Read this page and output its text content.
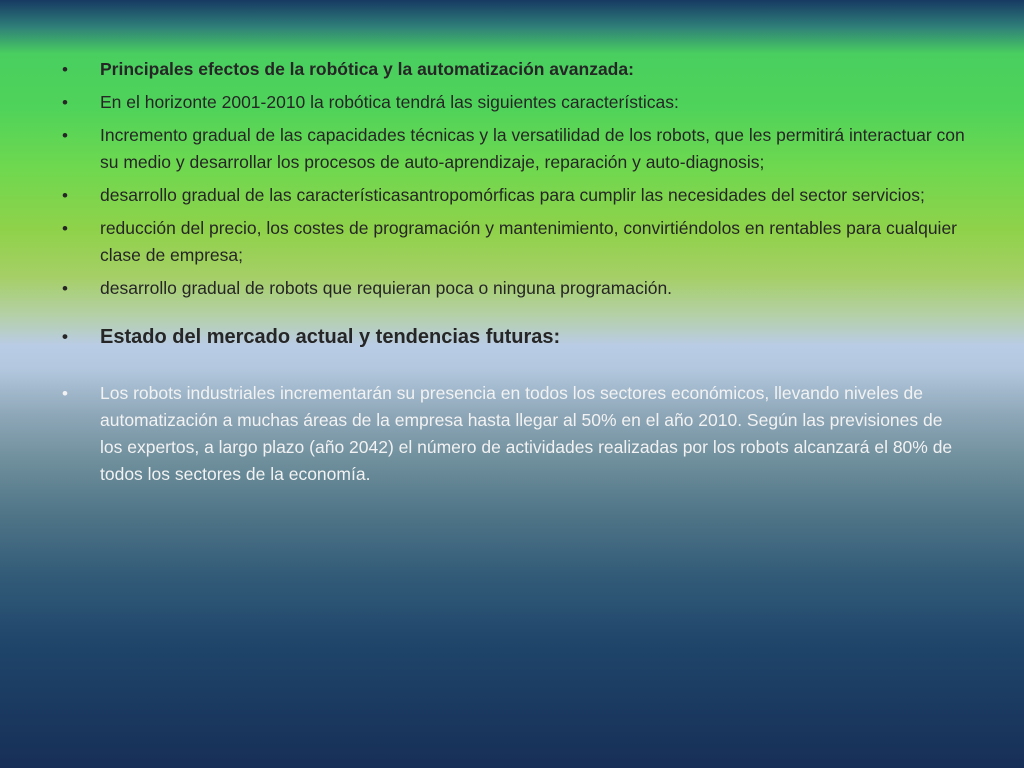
•	Principales efectos de la robótica y la automatización avanzada:
•	En el horizonte 2001-2010 la robótica tendrá las siguientes características:
•	Incremento gradual de las capacidades técnicas y la versatilidad de los robots, que les permitirá interactuar con su medio y desarrollar los procesos de auto-aprendizaje, reparación y auto-diagnosis;
•	desarrollo gradual de las característicasantropomórficas para cumplir las necesidades del sector servicios;
•	reducción del precio, los costes de programación y mantenimiento, convirtiéndolos en rentables para cualquier clase de empresa;
•	desarrollo gradual de robots que requieran poca o ninguna programación.
•	Estado del mercado actual y tendencias futuras:
•	Los robots industriales incrementarán su presencia en todos los sectores económicos, llevando niveles de automatización a muchas áreas de la empresa hasta llegar al 50% en el año 2010. Según las previsiones de los expertos, a largo plazo (año 2042) el número de actividades realizadas por los robots alcanzará el 80% de todos los sectores de la economía.
